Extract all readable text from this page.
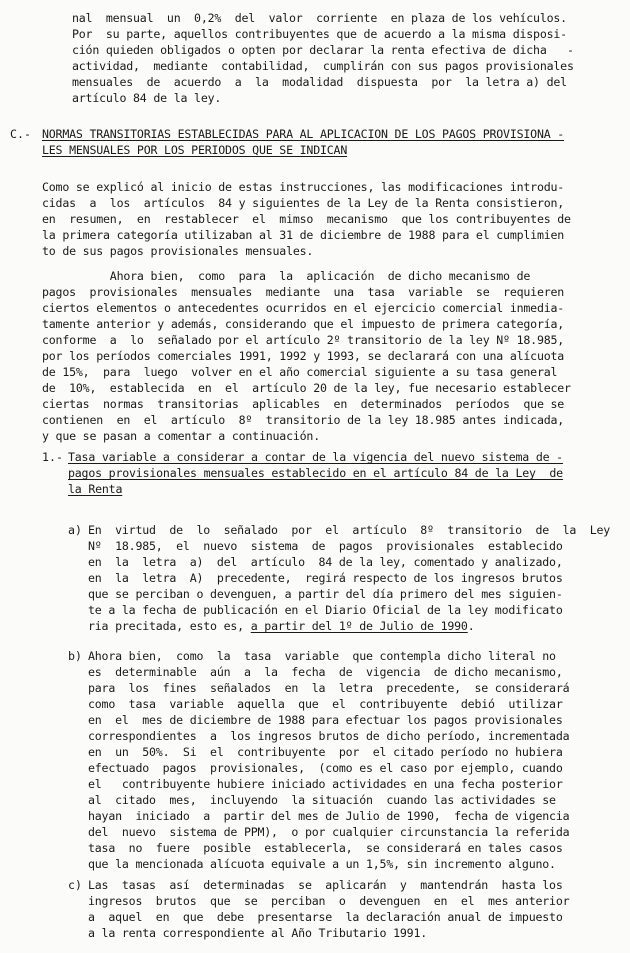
nal  mensual  un  0,2%  del  valor  corriente  en plaza de los vehículos.
Por  su parte, aquellos contribuyentes que de acuerdo a la misma disposi-
ción quieden obligados o opten por declarar la renta efectiva de dicha   -
actividad,  mediante  contabilidad,  cumplirán con sus pagos provisionales
mensuales  de  acuerdo  a  la  modalidad  dispuesta  por  la letra a) del
artículo 84 de la ley.
C.- NORMAS TRANSITORIAS ESTABLECIDAS PARA AL APLICACION DE LOS PAGOS PROVISIONA -
LES MENSUALES POR LOS PERIODOS QUE SE INDICAN
Como se explicó al inicio de estas instrucciones, las modificaciones introdu-
cidas  a  los  artículos  84 y siguientes de la Ley de la Renta consistieron,
en  resumen,  en  restablecer  el  mimso  mecanismo  que los contribuyentes de
la primera categoría utilizaban al 31 de diciembre de 1988 para el cumplimien
to de sus pagos provisionales mensuales.
Ahora bien,  como  para  la  aplicación  de dicho mecanismo de
pagos  provisionales  mensuales  mediante  una  tasa  variable  se  requieren
ciertos elementos o antecedentes ocurridos en el ejercicio comercial inmedia-
tamente anterior y además, considerando que el impuesto de primera categoría,
conforme  a  lo  señalado por el artículo 2º transitorio de la ley Nº 18.985,
por los períodos comerciales 1991, 1992 y 1993, se declarará con una alícuota
de 15%,  para  luego  volver en el año comercial siguiente a su tasa general
de  10%,  establecida  en  el  artículo 20 de la ley, fue necesario establecer
ciertas  normas  transitorias  aplicables  en  determinados  períodos  que se
contienen  en  el  artículo  8º  transitorio de la ley 18.985 antes indicada,
y que se pasan a comentar a continuación.
1.- Tasa variable a considerar a contar de la vigencia del nuevo sistema de -
pagos provisionales mensuales establecido en el artículo 84 de la Ley  de
la Renta
a) En  virtud  de  lo  señalado  por  el  artículo  8º  transitorio  de  la  Ley
Nº  18.985,  el  nuevo  sistema  de  pagos  provisionales  establecido
en  la  letra  a)  del  artículo  84 de la ley, comentado y analizado,
en  la  letra  A)  precedente,  regirá respecto de los ingresos brutos
que se perciban o devenguen, a partir del día primero del mes siguien-
te a la fecha de publicación en el Diario Oficial de la ley modificato
ria precitada, esto es, a partir del 1º de Julio de 1990.
b) Ahora bien,  como  la  tasa  variable  que contempla dicho literal no
es  determinable  aún  a  la  fecha  de  vigencia  de dicho mecanismo,
para  los  fines  señalados  en  la  letra  precedente,  se considerará
como  tasa  variable  aquella  que  el  contribuyente  debió  utilizar
en  el  mes de diciembre de 1988 para efectuar los pagos provisionales
correspondientes  a  los ingresos brutos de dicho período, incrementada
en  un  50%.  Si  el  contribuyente  por  el citado período no hubiera
efectuado  pagos  provisionales,  (como es el caso por ejemplo, cuando
el   contribuyente hubiere iniciado actividades en una fecha posterior
al  citado  mes,  incluyendo  la situación  cuando las actividades se
hayan  iniciado  a  partir del mes de Julio de 1990,  fecha de vigencia
del  nuevo  sistema de PPM),  o por cualquier circunstancia la referida
tasa  no  fuere  posible  establecerla,  se considerará en tales casos
que la mencionada alícuota equivale a un 1,5%, sin incremento alguno.
c) Las  tasas  así  determinadas  se  aplicarán  y  mantendrán  hasta los
ingresos  brutos  que  se  perciban  o  devenguen  en  el  mes anterior
a  aquel  en  que  debe  presentarse  la declaración anual de impuesto
a la renta correspondiente al Año Tributario 1991.
